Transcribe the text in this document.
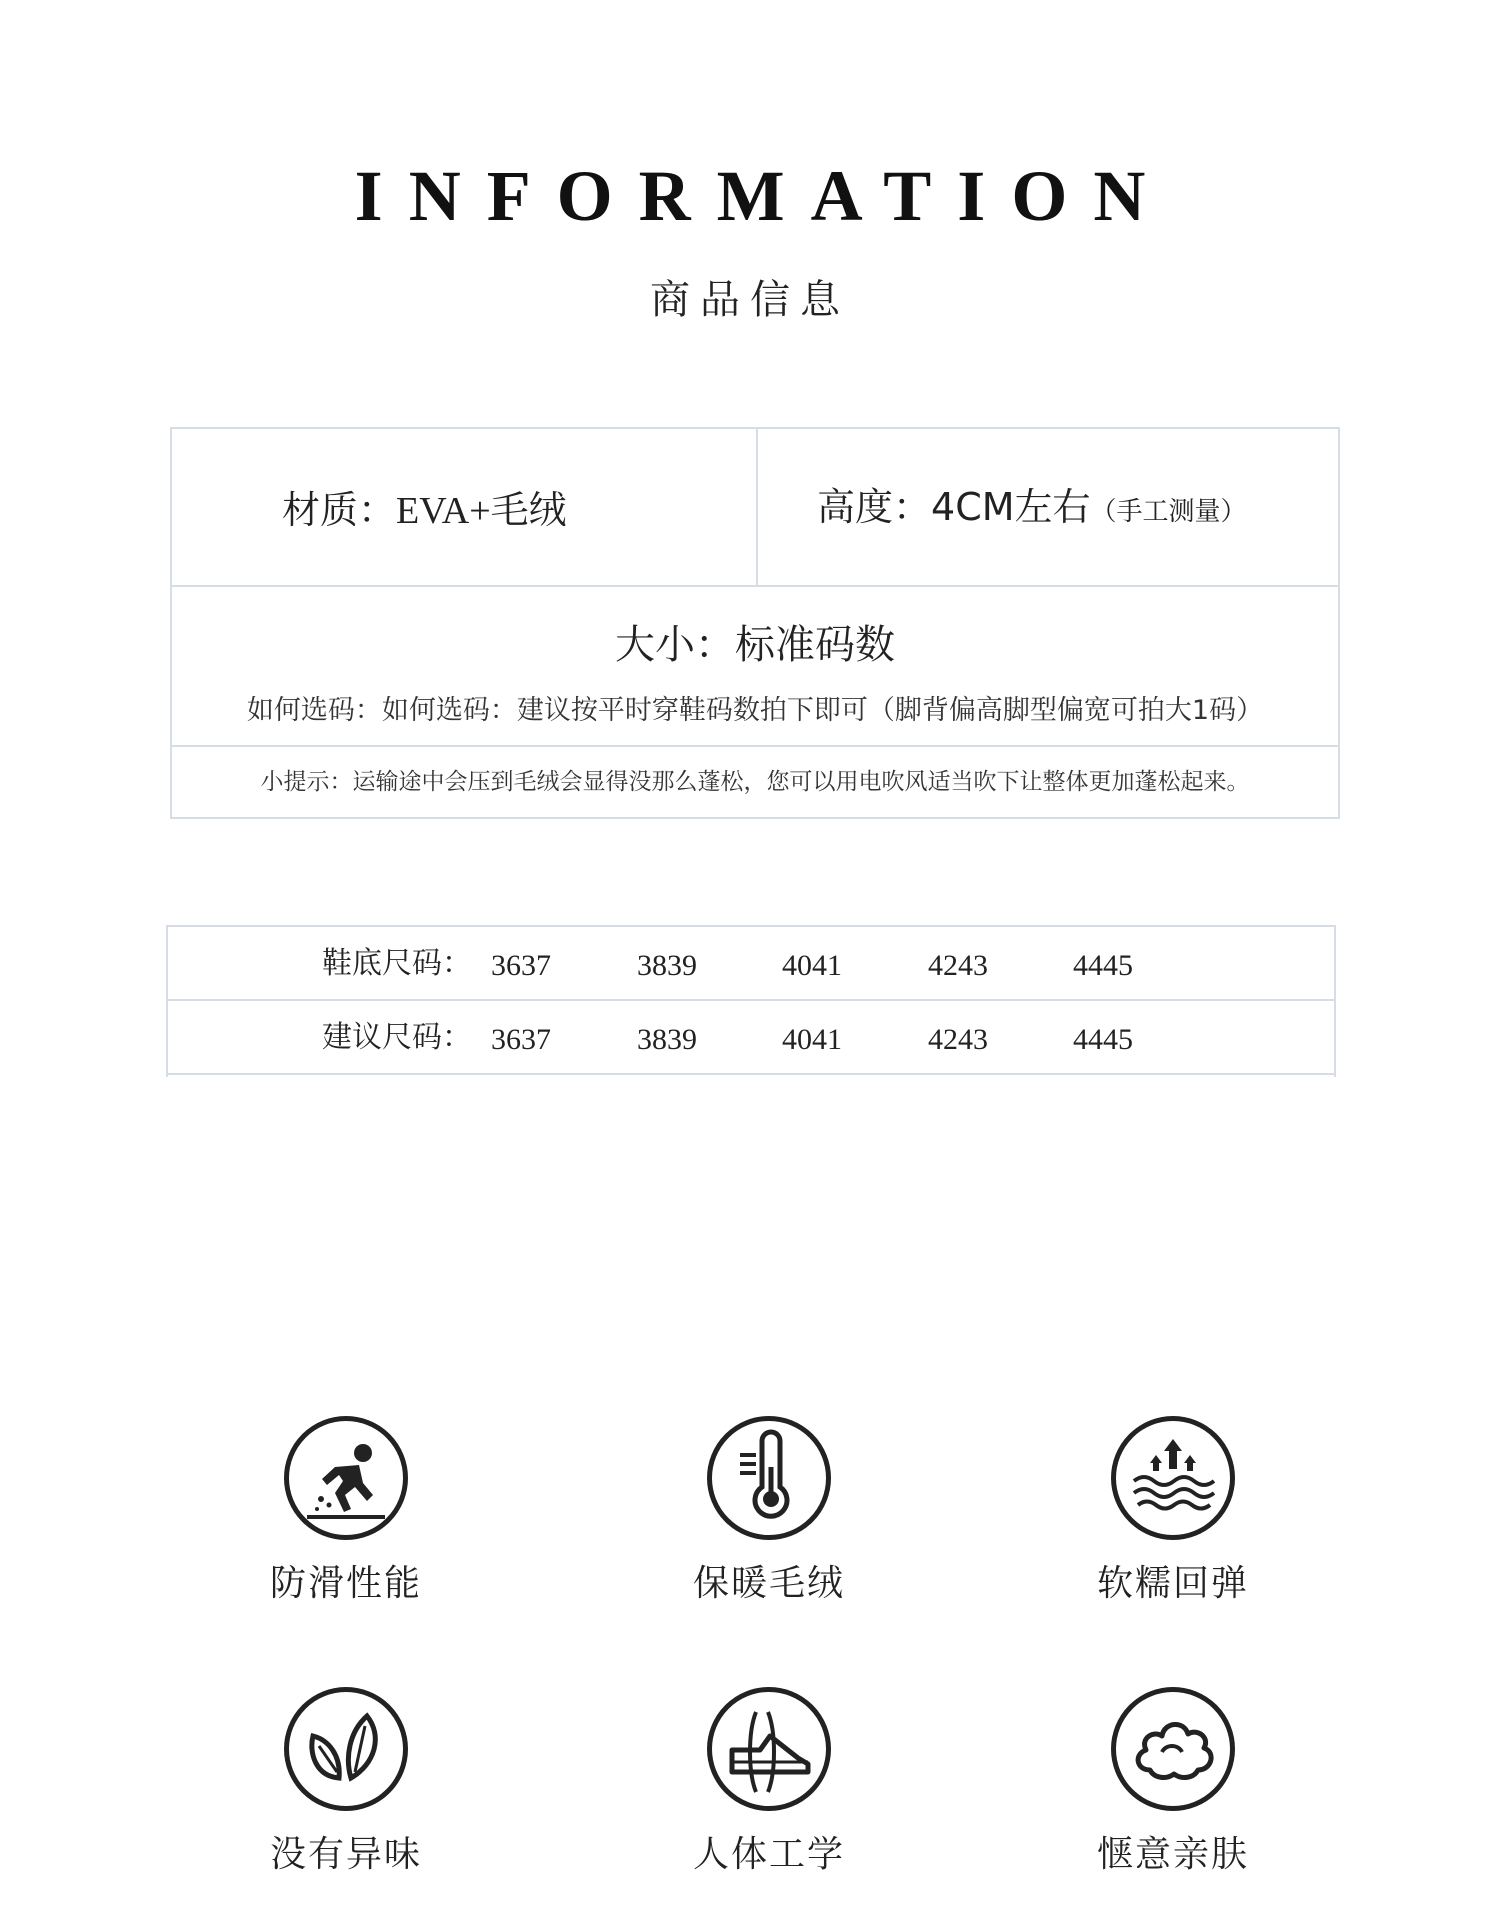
INFORMATION
商品信息
材质：EVA+毛绒	高度：4CM左右（手工测量）
大小：标准码数
如何选码：如何选码：建议按平时穿鞋码数拍下即可（脚背偏高脚型偏宽可拍大1码）
小提示：运输途中会压到毛绒会显得没那么蓬松，您可以用电吹风适当吹下让整体更加蓬松起来。
鞋底尺码： 3637	3839	4041	4243	4445
建议尺码： 3637	3839	4041	4243	4445
防滑性能	保暖毛绒	软糯回弹
没有异味	人体工学	惬意亲肤
